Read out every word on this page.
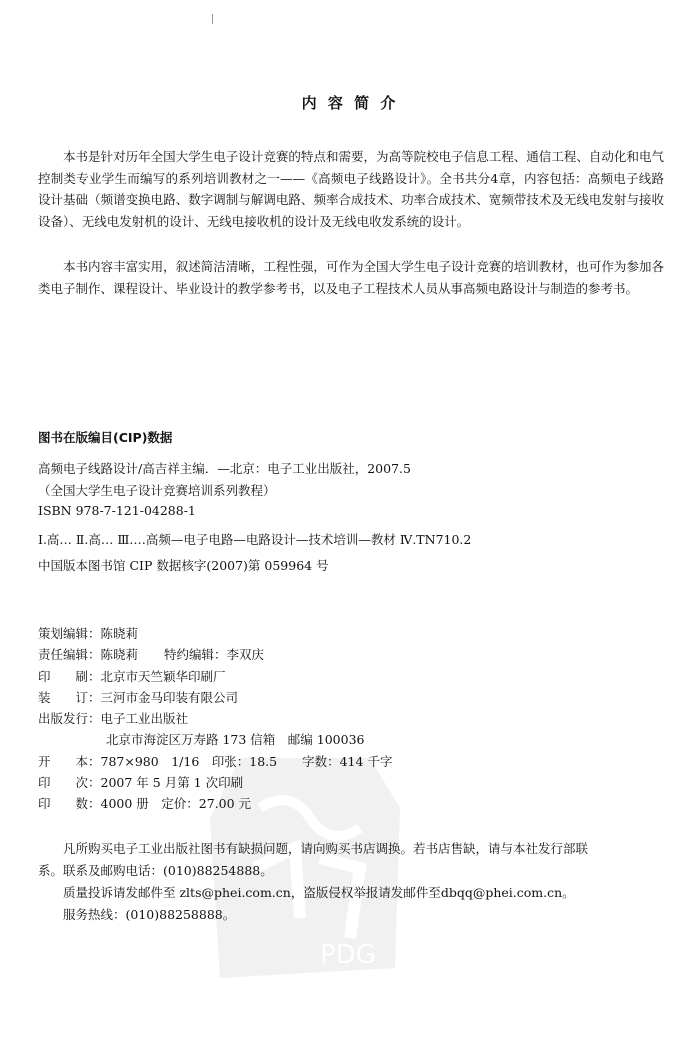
内 容 简 介

本书是针对历年全国大学生电子设计竞赛的特点和需要，为高等院校电子信息工程、通信工程、自动化和电气控制类专业学生而编写的系列培训教材之一——《高频电子线路设计》。全书共分4章，内容包括：高频电子线路设计基础（频谱变换电路、数字调制与解调电路、频率合成技术、功率合成技术、宽频带技术及无线电发射与接收设备）、无线电发射机的设计、无线电接收机的设计及无线电收发系统的设计。

本书内容丰富实用，叙述简洁清晰，工程性强，可作为全国大学生电子设计竞赛的培训教材，也可作为参加各类电子制作、课程设计、毕业设计的教学参考书，以及电子工程技术人员从事高频电路设计与制造的参考书。

图书在版编目(CIP)数据
高频电子线路设计/高吉祥主编．—北京：电子工业出版社，2007.5
（全国大学生电子设计竞赛培训系列教程）
ISBN 978-7-121-04288-1
Ⅰ.高… Ⅱ.高… Ⅲ.…高频—电子电路—电路设计—技术培训—教材 Ⅳ.TN710.2
中国版本图书馆 CIP 数据核字(2007)第 059964 号
PDG
策划编辑： 陈晓莉
责任编辑： 陈晓莉 特约编辑： 李双庆
印　　刷： 北京市天竺颖华印刷厂
装　　订： 三河市金马印装有限公司
出版发行： 电子工业出版社
北京市海淀区万寿路 173 信箱　邮编 100036
开　　本： 787×980　1/16　印张：18.5　　字数：414 千字
印　　次： 2007 年 5 月第 1 次印刷
印　　数： 4000 册　定价：27.00 元

凡所购买电子工业出版社图书有缺损问题，请向购买书店调换。若书店售缺，请与本社发行部联

系。联系及邮购电话：(010)88254888。

质量投诉请发邮件至 zlts@phei.com.cn，盗版侵权举报请发邮件至dbqq@phei.com.cn。

服务热线：(010)88258888。
